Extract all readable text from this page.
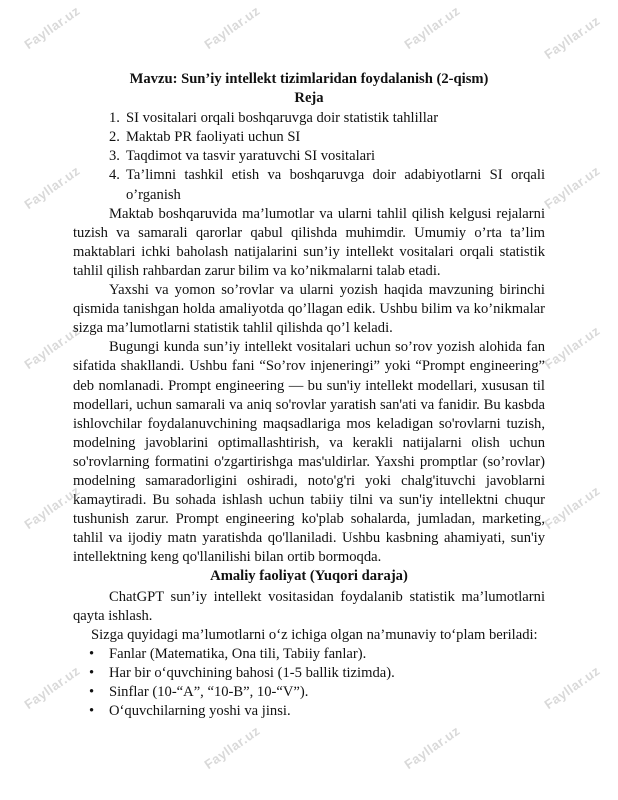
Fayllar.uz	Fayllar.uz	Fayllar.uz	Fayllar.uz
Fayllar.uz	Fayllar.uz
Fayllar.uz	Fayllar.uz
Fayllar.uz	Fayllar.uz
Fayllar.uz
Fayllar.uz	Fayllar.uz
Fayllar.uz
Mavzu: Sun’iy intellekt tizimlaridan foydalanish (2-qism)
Reja
1. SI vositalari orqali boshqaruvga doir statistik tahlillar
2. Maktab PR faoliyati uchun SI
3. Taqdimot va tasvir yaratuvchi SI vositalari
4. Ta’limni tashkil etish va boshqaruvga doir adabiyotlarni SI orqali o’rganish

Maktab boshqaruvida ma’lumotlar va ularni tahlil qilish kelgusi rejalarni tuzish va samarali qarorlar qabul qilishda muhimdir. Umumiy o’rta ta’lim maktablari ichki baholash natijalarini sun’iy intellekt vositalari orqali statistik tahlil qilish rahbardan zarur bilim va ko’nikmalarni talab etadi.

Yaxshi va yomon so’rovlar va ularni yozish haqida mavzuning birinchi qismida tanishgan holda amaliyotda qo’llagan edik. Ushbu bilim va ko’nikmalar sizga ma’lumotlarni statistik tahlil qilishda qo’l keladi.

Bugungi kunda sun’iy intellekt vositalari uchun so’rov yozish alohida fan sifatida shakllandi. Ushbu fani “So’rov injeneringi” yoki “Prompt engineering” deb nomlanadi. Prompt engineering — bu sun'iy intellekt modellari, xususan til modellari, uchun samarali va aniq so'rovlar yaratish san'ati va fanidir. Bu kasbda ishlovchilar foydalanuvchining maqsadlariga mos keladigan so'rovlarni tuzish, modelning javoblarini optimallashtirish, va kerakli natijalarni olish uchun so'rovlarning formatini o'zgartirishga mas'uldirlar. Yaxshi promptlar (so’rovlar) modelning samaradorligini oshiradi, noto'g'ri yoki chalg'ituvchi javoblarni kamaytiradi. Bu sohada ishlash uchun tabiiy tilni va sun'iy intellektni chuqur tushunish zarur. Prompt engineering ko'plab sohalarda, jumladan, marketing, tahlil va ijodiy matn yaratishda qo'llaniladi. Ushbu kasbning ahamiyati, sun'iy intellektning keng qo'llanilishi bilan ortib bormoqda.

Amaliy faoliyat (Yuqori daraja)

ChatGPT sun’iy intellekt vositasidan foydalanib statistik ma’lumotlarni qayta ishlash.

Sizga quyidagi ma’lumotlarni o‘z ichiga olgan na’munaviy to‘plam beriladi:

• Fanlar (Matematika, Ona tili, Tabiiy fanlar).
• Har bir o‘quvchining bahosi (1-5 ballik tizimda).
• Sinflar (10-“A”, “10-B”, 10-“V”).
• O‘quvchilarning yoshi va jinsi.
